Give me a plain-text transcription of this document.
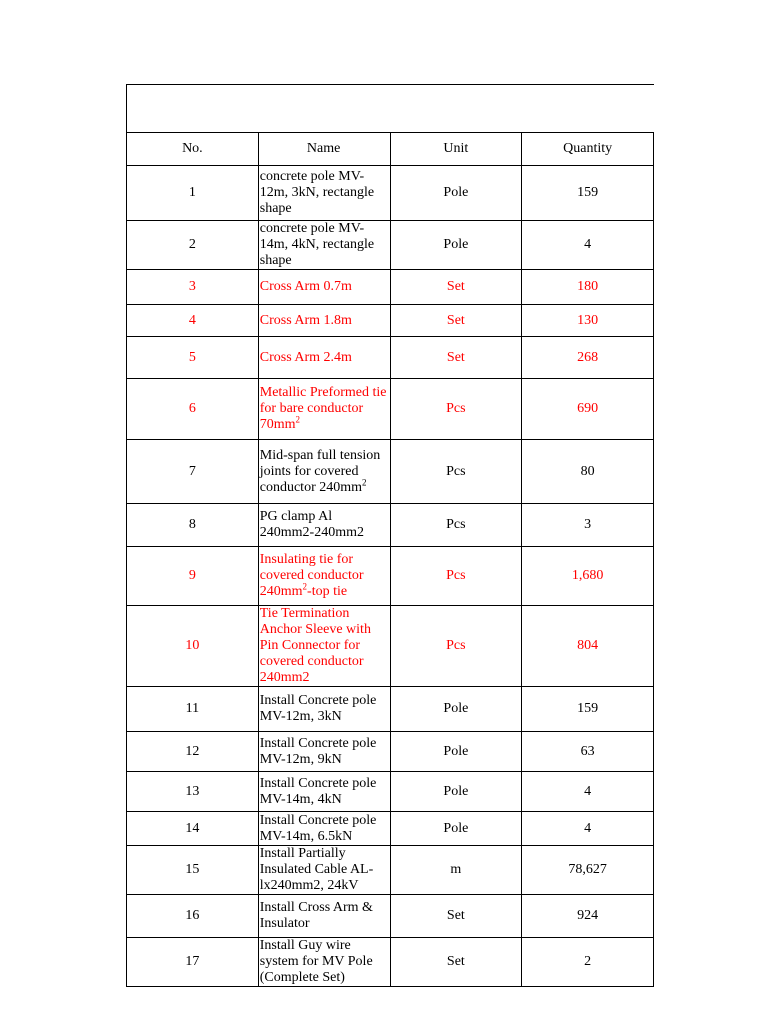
No.	Name	Unit	Quantity
1	concrete pole MV-12m, 3kN, rectangle shape	Pole	159
2	concrete pole MV-14m, 4kN, rectangle shape	Pole	4
3	Cross Arm 0.7m	Set	180
4	Cross Arm 1.8m	Set	130
5	Cross Arm 2.4m	Set	268
6	Metallic Preformed tie for bare conductor $70mm^2$	Pcs	690
7	Mid-span full tension joints for covered conductor $240mm^2$	Pcs	80
8	PG clamp Al 240mm2-240mm2	Pcs	3
9	Insulating tie for covered conductor $240mm^2$-top tie	Pcs	1,680
10	Tie Termination Anchor Sleeve with Pin Connector for covered conductor 240mm2	Pcs	804
11	Install Concrete pole MV-12m, 3kN	Pole	159
12	Install Concrete pole MV-12m, 9kN	Pole	63
13	Install Concrete pole MV-14m, 4kN	Pole	4
14	Install Concrete pole MV-14m, 6.5kN	Pole	4
15	Install Partially Insulated Cable AL-lx240mm2, 24kV	m	78,627
16	Install Cross Arm & Insulator	Set	924
17	Install Guy wire system for MV Pole (Complete Set)	Set	2
